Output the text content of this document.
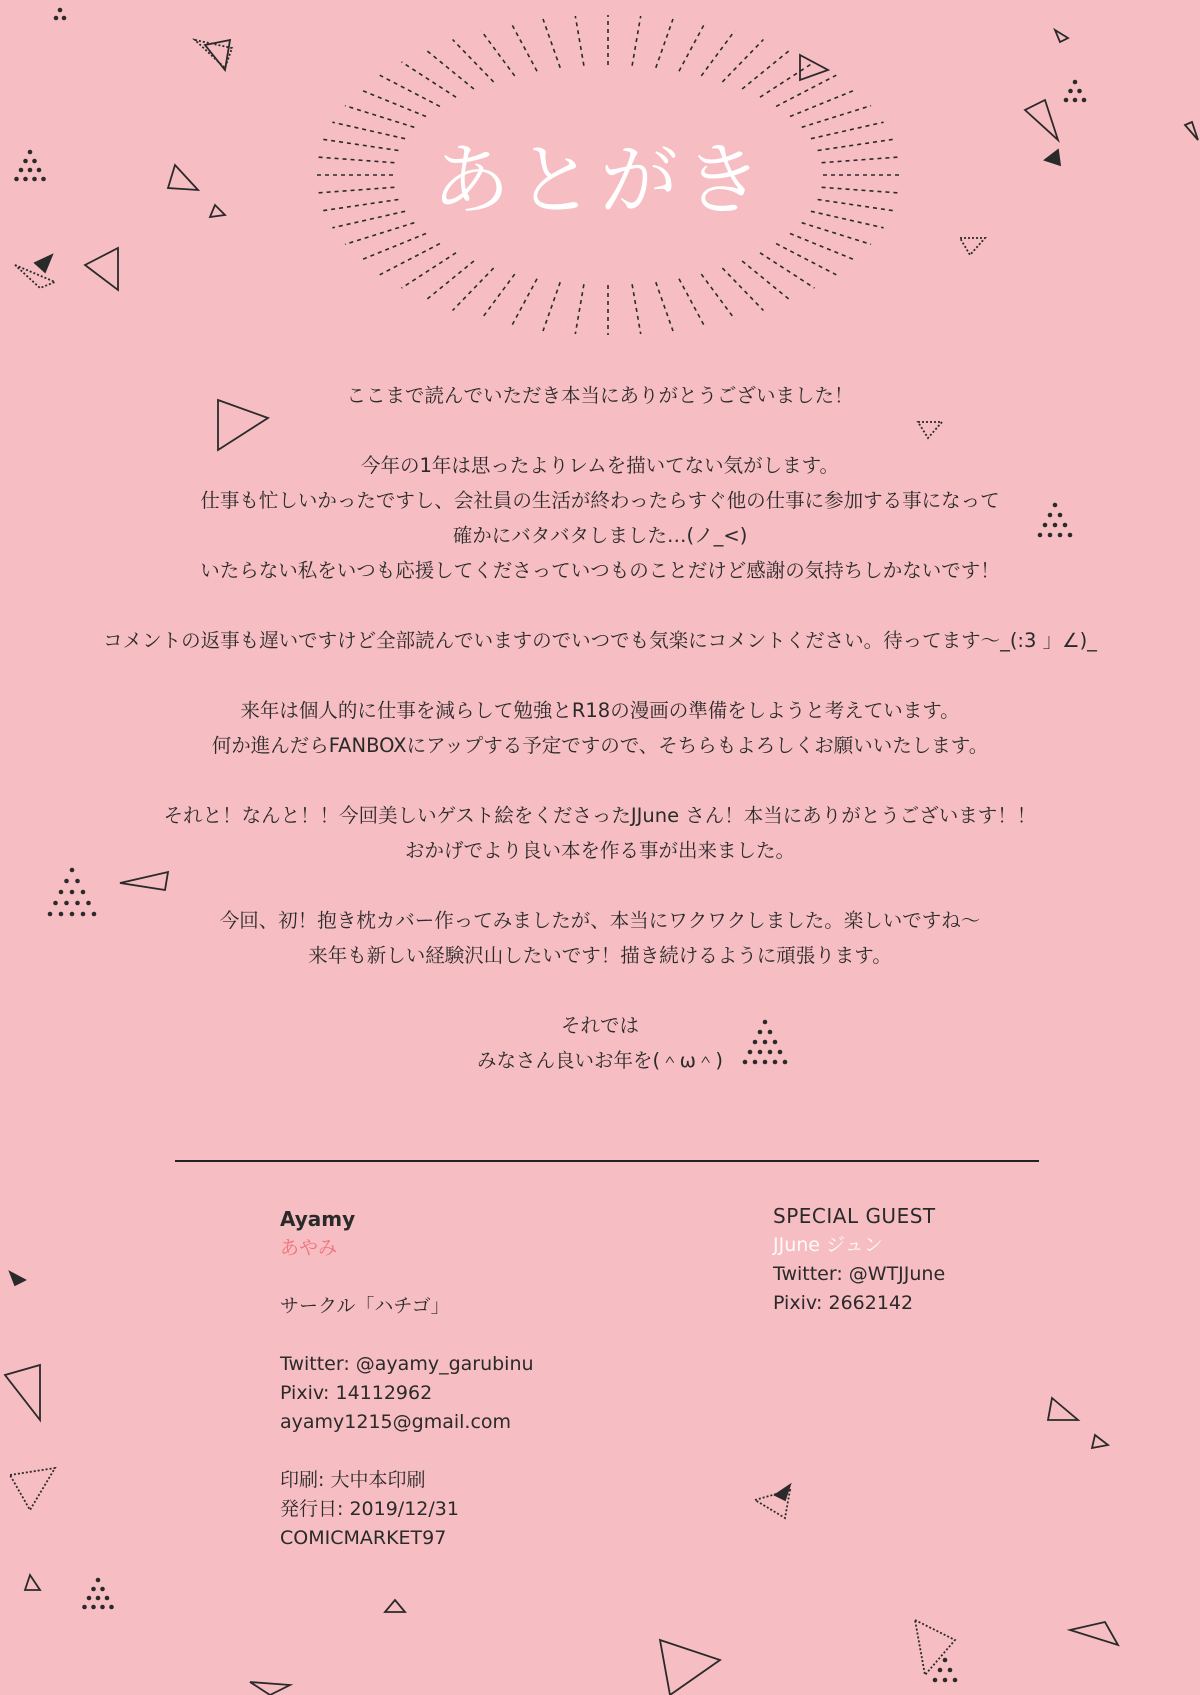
あとがき

ここまで読んでいただき本当にありがとうございました！

今年の1年は思ったよりレムを描いてない気がします。
仕事も忙しいかったですし、会社員の生活が終わったらすぐ他の仕事に参加する事になって
確かにバタバタしました…(ノ_<)
いたらない私をいつも応援してくださっていつものことだけど感謝の気持ちしかないです！

コメントの返事も遅いですけど全部読んでいますのでいつでも気楽にコメントください。待ってます～_(:3 」∠)_

来年は個人的に仕事を減らして勉強とR18の漫画の準備をしようと考えています。
何か進んだらFANBOXにアップする予定ですので、そちらもよろしくお願いいたします。

それと！なんと！！今回美しいゲスト絵をくださったJJune さん！本当にありがとうございます！！
おかげでより良い本を作る事が出来ました。

今回、初！抱き枕カバー作ってみましたが、本当にワクワクしました。楽しいですね～
来年も新しい経験沢山したいです！描き続けるように頑張ります。

それでは
みなさん良いお年を(＾ω＾)

Ayamy
あやみ
サークル「ハチゴ」
Twitter: @ayamy_garubinu
Pixiv: 14112962
ayamy1215@gmail.com
印刷: 大中本印刷
発行日: 2019/12/31
COMICMARKET97
SPECIAL GUEST
JJune ジュン
Twitter: @WTJJune
Pixiv: 2662142
